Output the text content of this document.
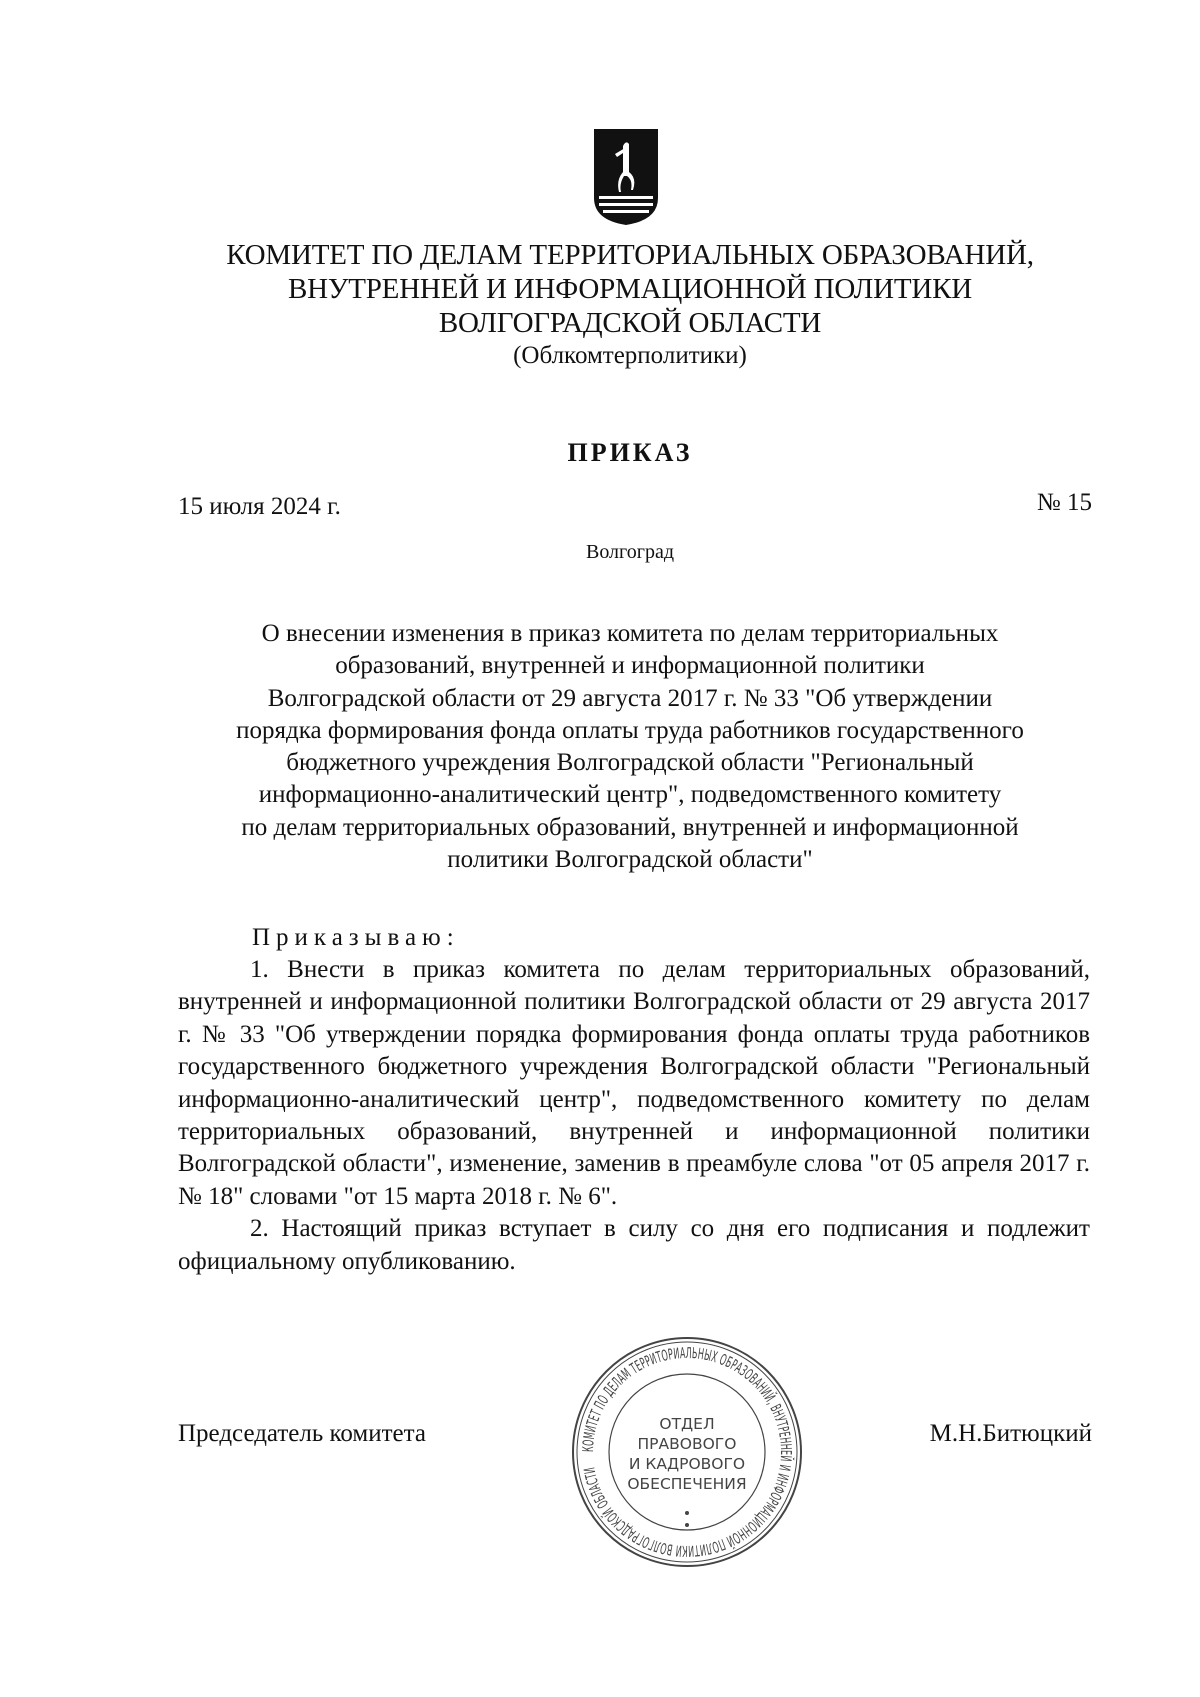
КОМИТЕТ ПО ДЕЛАМ ТЕРРИТОРИАЛЬНЫХ ОБРАЗОВАНИЙ,
ВНУТРЕННЕЙ И ИНФОРМАЦИОННОЙ ПОЛИТИКИ
ВОЛГОГРАДСКОЙ ОБЛАСТИ
(Облкомтерполитики)
ПРИКАЗ
15 июля 2024 г.	№ 15
Волгоград
О внесении изменения в приказ комитета по делам территориальных
образований, внутренней и информационной политики
Волгоградской области от 29 августа 2017 г. № 33 "Об утверждении
порядка формирования фонда оплаты труда работников государственного
бюджетного учреждения Волгоградской области "Региональный
информационно-аналитический центр", подведомственного комитету
по делам территориальных образований, внутренней и информационной
политики Волгоградской области"
Приказываю:

1. Внести в приказ комитета по делам территориальных образований, внутренней и информационной политики Волгоградской области от 29 августа 2017 г. № 33 "Об утверждении порядка формирования фонда оплаты труда работников государственного бюджетного учреждения Волгоградской области "Региональный информационно-аналитический центр", подведомственного комитету по делам территориальных образований, внутренней и информационной политики Волгоградской области", изменение, заменив в преамбуле слова "от 05 апреля 2017 г. № 18" словами "от 15 марта 2018 г. № 6".

2. Настоящий приказ вступает в силу со дня его подписания и подлежит официальному опубликованию.

Председатель комитета	М.Н.Битюцкий
КОМИТЕТ ПО ДЕЛАМ ТЕРРИТОРИАЛЬНЫХ ОБРАЗОВАНИЙ, ВНУТРЕННЕЙ И ИНФОРМАЦИОННОЙ ПОЛИТИКИ ВОЛГОГРАДСКОЙ ОБЛАСТИ
ОТДЕЛ
ПРАВОВОГО
И КАДРОВОГО
ОБЕСПЕЧЕНИЯ
